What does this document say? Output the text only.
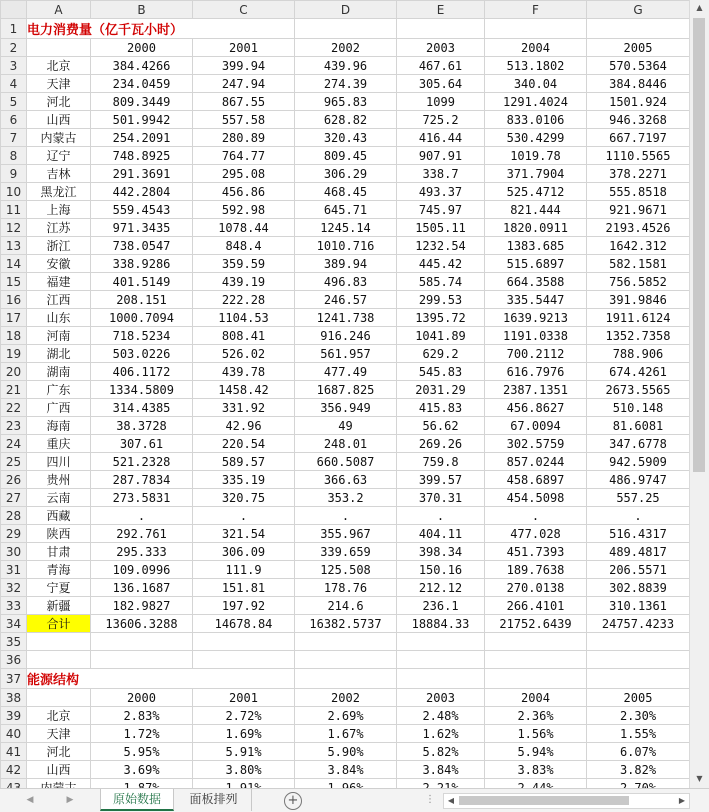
	A	B	C	D	E	F	G
1	电力消费量（亿千瓦小时）						
2		2000	2001	2002	2003	2004	2005
3	北京	384.4266	399.94	439.96	467.61	513.1802	570.5364
4	天津	234.0459	247.94	274.39	305.64	340.04	384.8446
5	河北	809.3449	867.55	965.83	1099	1291.4024	1501.924
6	山西	501.9942	557.58	628.82	725.2	833.0106	946.3268
7	内蒙古	254.2091	280.89	320.43	416.44	530.4299	667.7197
8	辽宁	748.8925	764.77	809.45	907.91	1019.78	1110.5565
9	吉林	291.3691	295.08	306.29	338.7	371.7904	378.2271
10	黑龙江	442.2804	456.86	468.45	493.37	525.4712	555.8518
11	上海	559.4543	592.98	645.71	745.97	821.444	921.9671
12	江苏	971.3435	1078.44	1245.14	1505.11	1820.0911	2193.4526
13	浙江	738.0547	848.4	1010.716	1232.54	1383.685	1642.312
14	安徽	338.9286	359.59	389.94	445.42	515.6897	582.1581
15	福建	401.5149	439.19	496.83	585.74	664.3588	756.5852
16	江西	208.151	222.28	246.57	299.53	335.5447	391.9846
17	山东	1000.7094	1104.53	1241.738	1395.72	1639.9213	1911.6124
18	河南	718.5234	808.41	916.246	1041.89	1191.0338	1352.7358
19	湖北	503.0226	526.02	561.957	629.2	700.2112	788.906
20	湖南	406.1172	439.78	477.49	545.83	616.7976	674.4261
21	广东	1334.5809	1458.42	1687.825	2031.29	2387.1351	2673.5565
22	广西	314.4385	331.92	356.949	415.83	456.8627	510.148
23	海南	38.3728	42.96	49	56.62	67.0094	81.6081
24	重庆	307.61	220.54	248.01	269.26	302.5759	347.6778
25	四川	521.2328	589.57	660.5087	759.8	857.0244	942.5909
26	贵州	287.7834	335.19	366.63	399.57	458.6897	486.9747
27	云南	273.5831	320.75	353.2	370.31	454.5098	557.25
28	西藏	.	.	.	.	.	.
29	陕西	292.761	321.54	355.967	404.11	477.028	516.4317
30	甘肃	295.333	306.09	339.659	398.34	451.7393	489.4817
31	青海	109.0996	111.9	125.508	150.16	189.7638	206.5571
32	宁夏	136.1687	151.81	178.76	212.12	270.0138	302.8839
33	新疆	182.9827	197.92	214.6	236.1	266.4101	310.1361
34	合计	13606.3288	14678.84	16382.5737	18884.33	21752.6439	24757.4233
35							
36							
37	能源结构						
38		2000	2001	2002	2003	2004	2005
39	北京	2.83%	2.72%	2.69%	2.48%	2.36%	2.30%
40	天津	1.72%	1.69%	1.67%	1.62%	1.56%	1.55%
41	河北	5.95%	5.91%	5.90%	5.82%	5.94%	6.07%
42	山西	3.69%	3.80%	3.84%	3.84%	3.83%	3.82%

▲
▼
◀	▶	原始数据	面板排列	+	⋮	◀	▶
